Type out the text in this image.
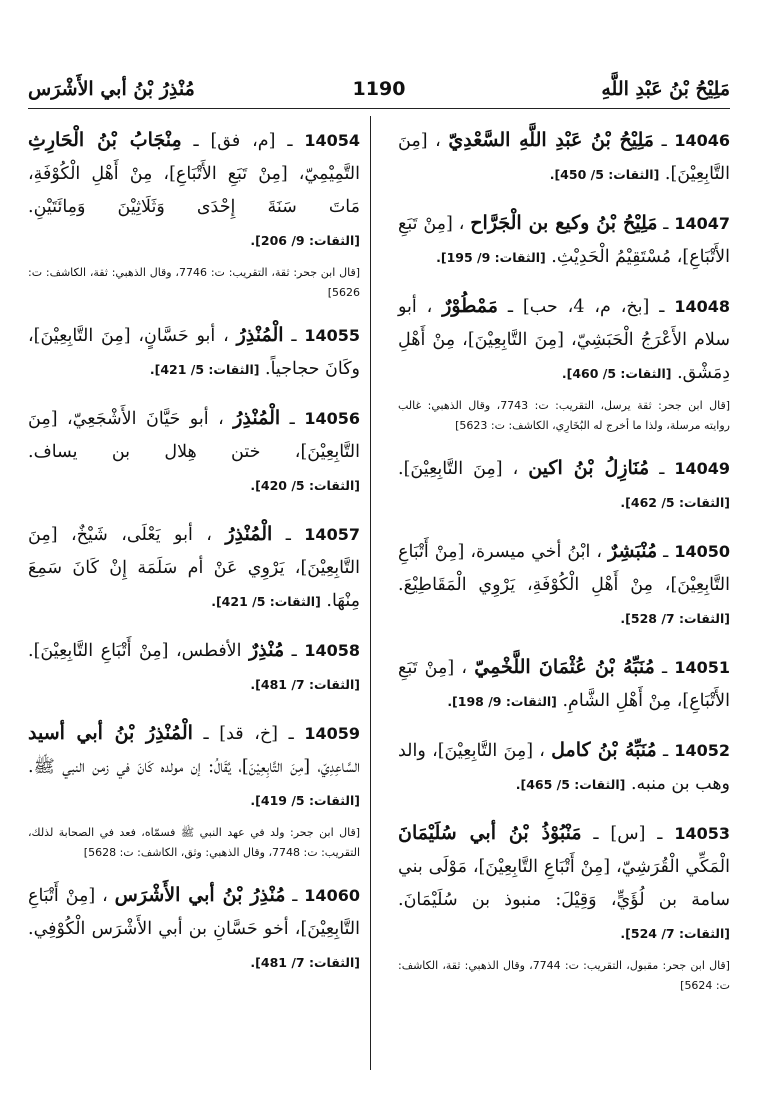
مَلِيْحُ بْنُ عَبْدِ اللَّهِ
1190
مُنْذِرُ بْنُ أبي الأَشْرَس
14046 ـ مَلِيْحُ بْنُ عَبْدِ اللَّهِ السَّعْدِيّ ، [مِنَ التَّابِعِيْنَ]. [الثقات: 5/ 450].
14047 ـ مَلِيْحُ بْنُ وكيع بن الْجَرَّاح ، [مِنْ تَبَعِ الأَتْبَاعِ]، مُسْتَقِيْمُ الْحَدِيْثِ. [الثقات: 9/ 195].
14048 ـ [بخ، م، 4، حب] ـ مَمْطُوْرٌ ، أبو سلام الأَعْرَجُ الْحَبَشِيّ، [مِنَ التَّابِعِيْنَ]، مِنْ أَهْلِ دِمَشْق. [الثقات: 5/ 460].
[قال ابن جحر: ثقة يرسل، التقريب: ت: 7743، وقال الذهبي: غالب روايته مرسلة، ولذا ما أخرج له البُخَارِي، الكاشف: ت: 5623]
14049 ـ مُنَازِلُ بْنُ اكين ، [مِنَ التَّابِعِيْنَ]. [الثقات: 5/ 462].
14050 ـ مُنْبَشِرٌ ، ابْنُ أخي ميسرة، [مِنْ أَتْبَاعِ التَّابِعِيْنَ]، مِنْ أَهْلِ الْكُوْفَةِ، يَرْوِي الْمَقَاطِيْعَ. [الثقات: 7/ 528].
14051 ـ مُنَبِّهُ بْنُ عُثْمَانَ اللَّخْمِيّ ، [مِنْ تَبَعِ الأَتْبَاعِ]، مِنْ أَهْلِ الشَّامِ. [الثقات: 9/ 198].
14052 ـ مُنَبِّهُ بْنُ كامل ، [مِنَ التَّابِعِيْنَ]، والد وهب بن منبه. [الثقات: 5/ 465].
14053 ـ [س] ـ مَنْبُوْذُ بْنُ أبي سُلَيْمَانَ الْمَكِّي الْقُرَشِيّ، [مِنْ أَتْبَاعِ التَّابِعِيْنَ]، مَوْلَى بني سامة بن لُؤَيٍّ، وَقِيْلَ: منبوذ بن سُلَيْمَانَ. [الثقات: 7/ 524].
[قال ابن جحر: مقبول، التقريب: ت: 7744، وقال الذهبي: ثقة، الكاشف: ت: 5624]
14054 ـ [م، فق] ـ مِنْجَابُ بْنُ الْحَارِثِ التَّمِيْمِيّ، [مِنْ تَبَعِ الأَتْبَاعِ]، مِنْ أَهْلِ الْكُوْفَةِ، مَاتَ سَنَةَ إِحْدَى وَثَلَاثِيْنَ وَمِائَتَيْنِ. [الثقات: 9/ 206].
[قال ابن جحر: ثقة، التقريب: ت: 7746، وقال الذهبي: ثقة، الكاشف: ت: 5626]
14055 ـ الْمُنْذِرُ ، أبو حَسَّانٍ، [مِنَ التَّابِعِيْنَ]، وكَانَ حجاجياً. [الثقات: 5/ 421].
14056 ـ الْمُنْذِرُ ، أبو حَيَّانَ الأَشْجَعِيّ، [مِنَ التَّابِعِيْنَ]، ختن هِلال بن يساف. [الثقات: 5/ 420].
14057 ـ الْمُنْذِرُ ، أبو يَعْلَى، شَيْخٌ، [مِنَ التَّابِعِيْنَ]، يَرْوِي عَنْ أم سَلَمَة إِنْ كَانَ سَمِعَ مِنْهَا. [الثقات: 5/ 421].
14058 ـ مُنْذِرٌ الأفطس، [مِنْ أَتْبَاعِ التَّابِعِيْنَ]. [الثقات: 7/ 481].
14059 ـ [خ، قد] ـ الْمُنْذِرُ بْنُ أبي أسيد السَّاعِدِيّ، [مِنَ التَّابِعِيْنَ]، يُقَالُ: إن مولده كَانَ في زمن النبي ﷺ. [الثقات: 5/ 419].
[قال ابن جحر: ولد في عهد النبي ﷺ فسمّاه، فعد في الصحابة لذلك، التقريب: ت: 7748، وقال الذهبي: وثق، الكاشف: ت: 5628]
14060 ـ مُنْذِرُ بْنُ أبي الأَشْرَس ، [مِنْ أَتْبَاعِ التَّابِعِيْنَ]، أخو حَسَّانِ بن أبي الأَشْرَس الْكُوْفِي. [الثقات: 7/ 481].
